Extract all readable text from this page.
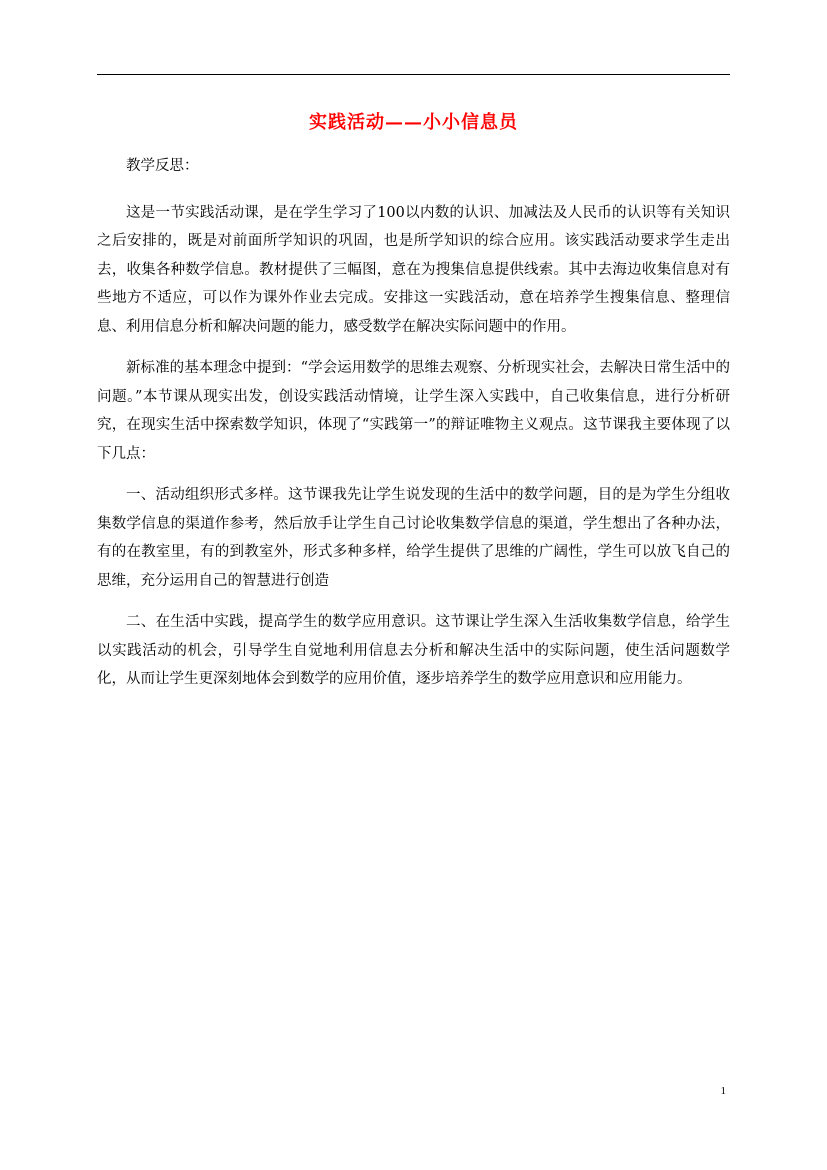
实践活动——小小信息员

教学反思：

这是一节实践活动课，是在学生学习了100以内数的认识、加减法及人民币的认识等有关知识之后安排的，既是对前面所学知识的巩固，也是所学知识的综合应用。该实践活动要求学生走出去，收集各种数学信息。教材提供了三幅图，意在为搜集信息提供线索。其中去海边收集信息对有些地方不适应，可以作为课外作业去完成。安排这一实践活动，意在培养学生搜集信息、整理信息、利用信息分析和解决问题的能力，感受数学在解决实际问题中的作用。

新标准的基本理念中提到：“学会运用数学的思维去观察、分析现实社会，去解决日常生活中的问题。”本节课从现实出发，创设实践活动情境，让学生深入实践中，自己收集信息，进行分析研究，在现实生活中探索数学知识，体现了“实践第一”的辩证唯物主义观点。这节课我主要体现了以下几点：

一、活动组织形式多样。这节课我先让学生说发现的生活中的数学问题，目的是为学生分组收集数学信息的渠道作参考，然后放手让学生自己讨论收集数学信息的渠道，学生想出了各种办法，有的在教室里，有的到教室外，形式多种多样，给学生提供了思维的广阔性，学生可以放飞自己的思维，充分运用自己的智慧进行创造

二、在生活中实践，提高学生的数学应用意识。这节课让学生深入生活收集数学信息，给学生以实践活动的机会，引导学生自觉地利用信息去分析和解决生活中的实际问题，使生活问题数学化，从而让学生更深刻地体会到数学的应用价值，逐步培养学生的数学应用意识和应用能力。

1
